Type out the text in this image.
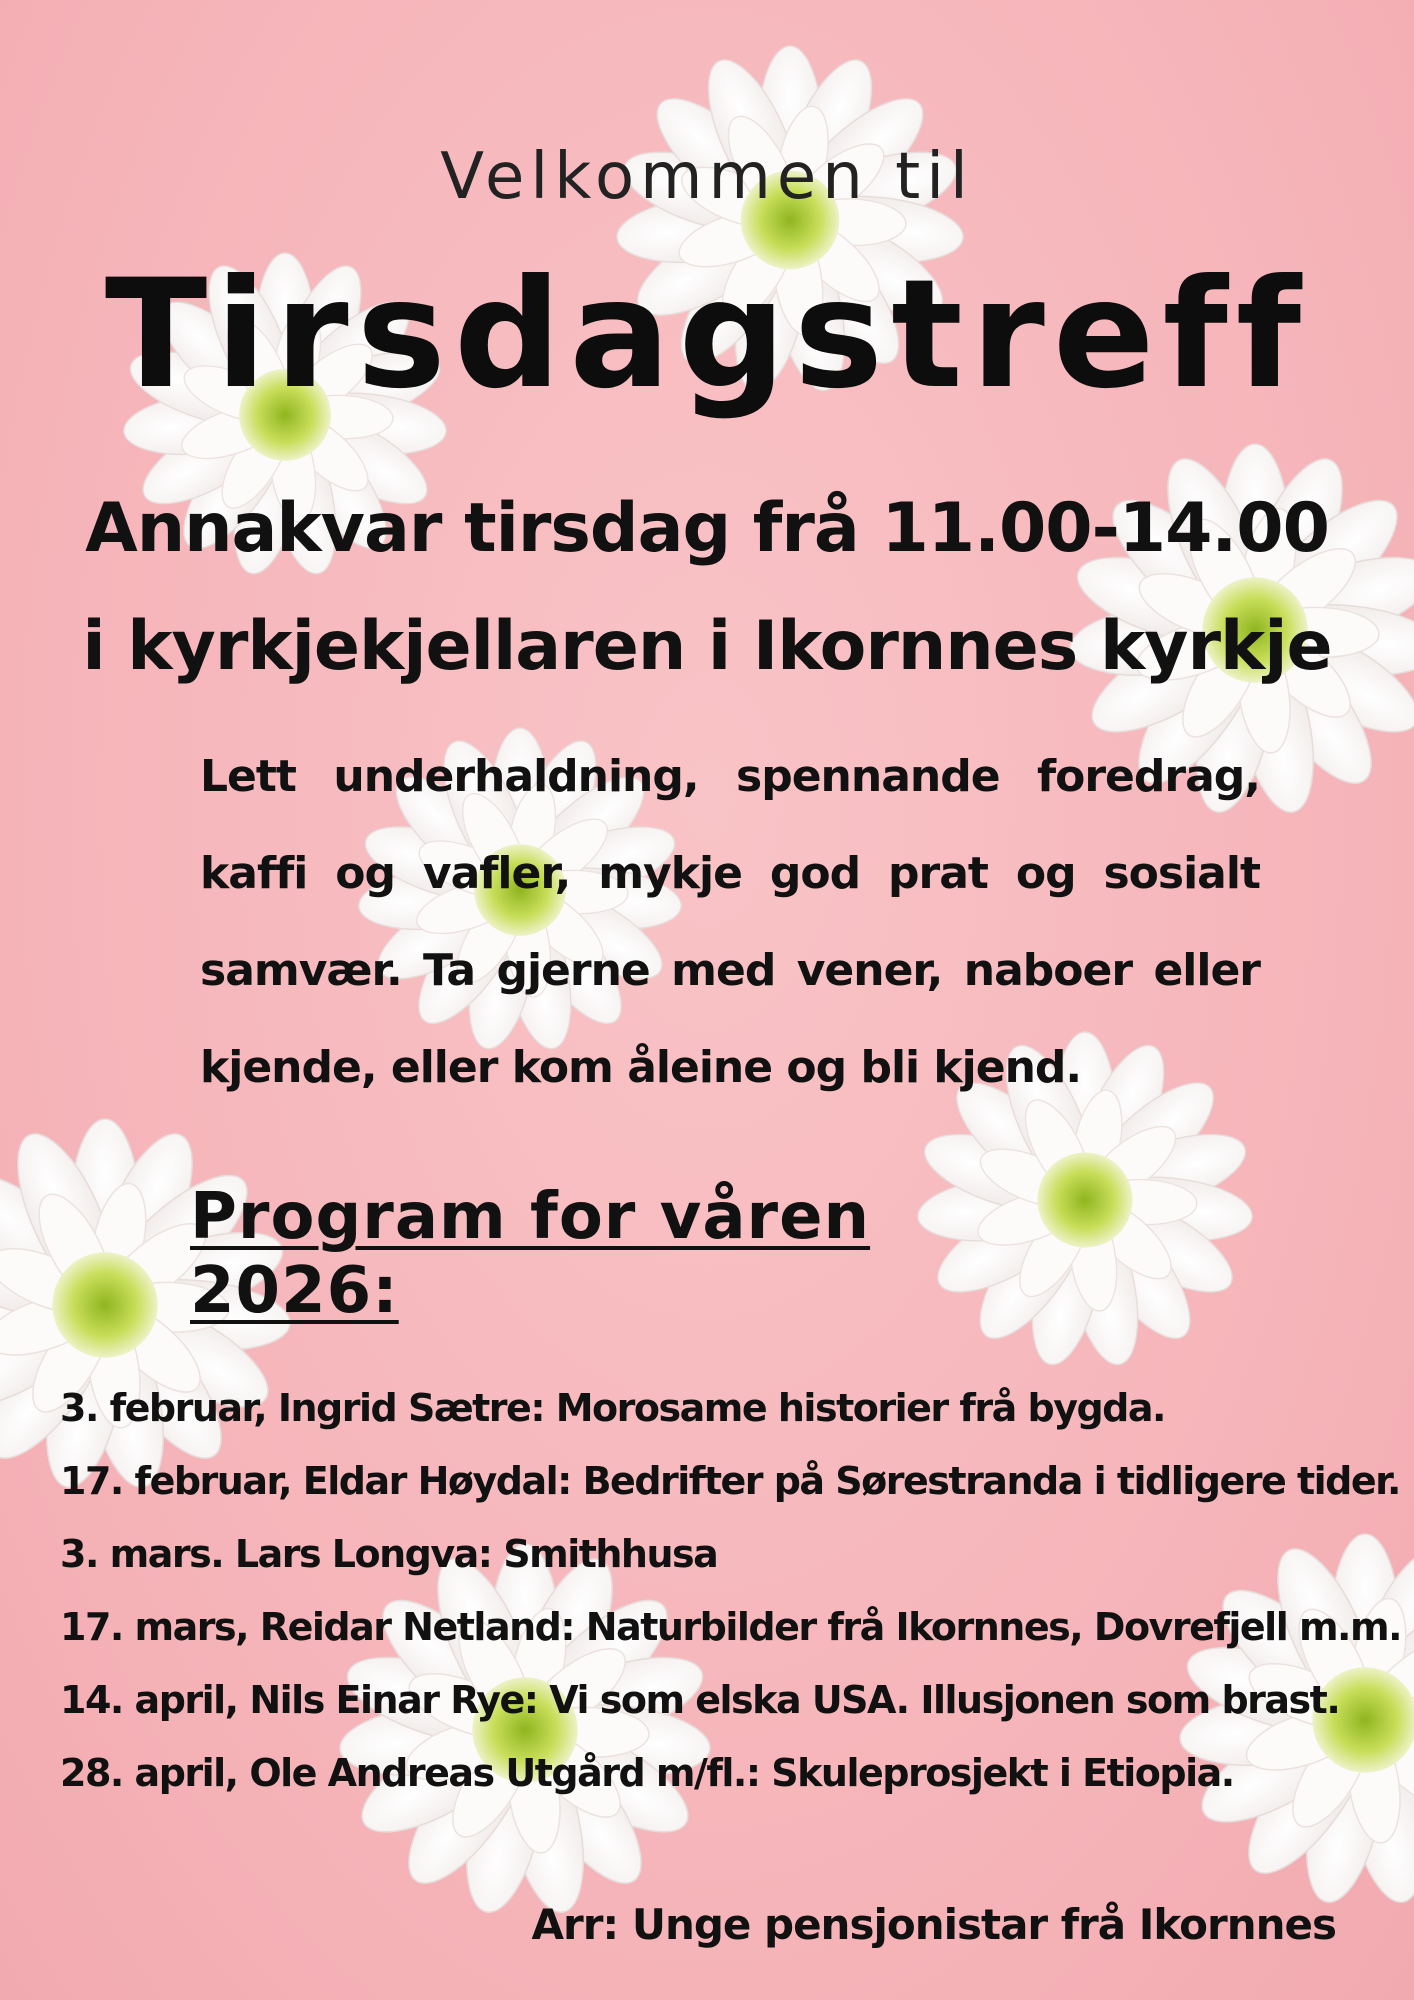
Velkommen til
Tirsdagstreff
Annakvar tirsdag frå 11.00-14.00
i kyrkjekjellaren i Ikornnes kyrkje
Lett underhaldning, spennande foredrag, kaffi og vafler, mykje god prat og sosialt samvær. Ta gjerne med vener, naboer eller kjende, eller kom åleine og bli kjend.
Program for våren 2026:
3. februar, Ingrid Sætre: Morosame historier frå bygda.
17. februar, Eldar Høydal: Bedrifter på Sørestranda i tidligere tider.
3. mars. Lars Longva: Smithhusa
17. mars, Reidar Netland: Naturbilder frå Ikornnes, Dovrefjell m.m.
14. april, Nils Einar Rye: Vi som elska USA. Illusjonen som brast.
28. april, Ole Andreas Utgård m/fl.: Skuleprosjekt i Etiopia.
Arr: Unge pensjonistar frå Ikornnes
